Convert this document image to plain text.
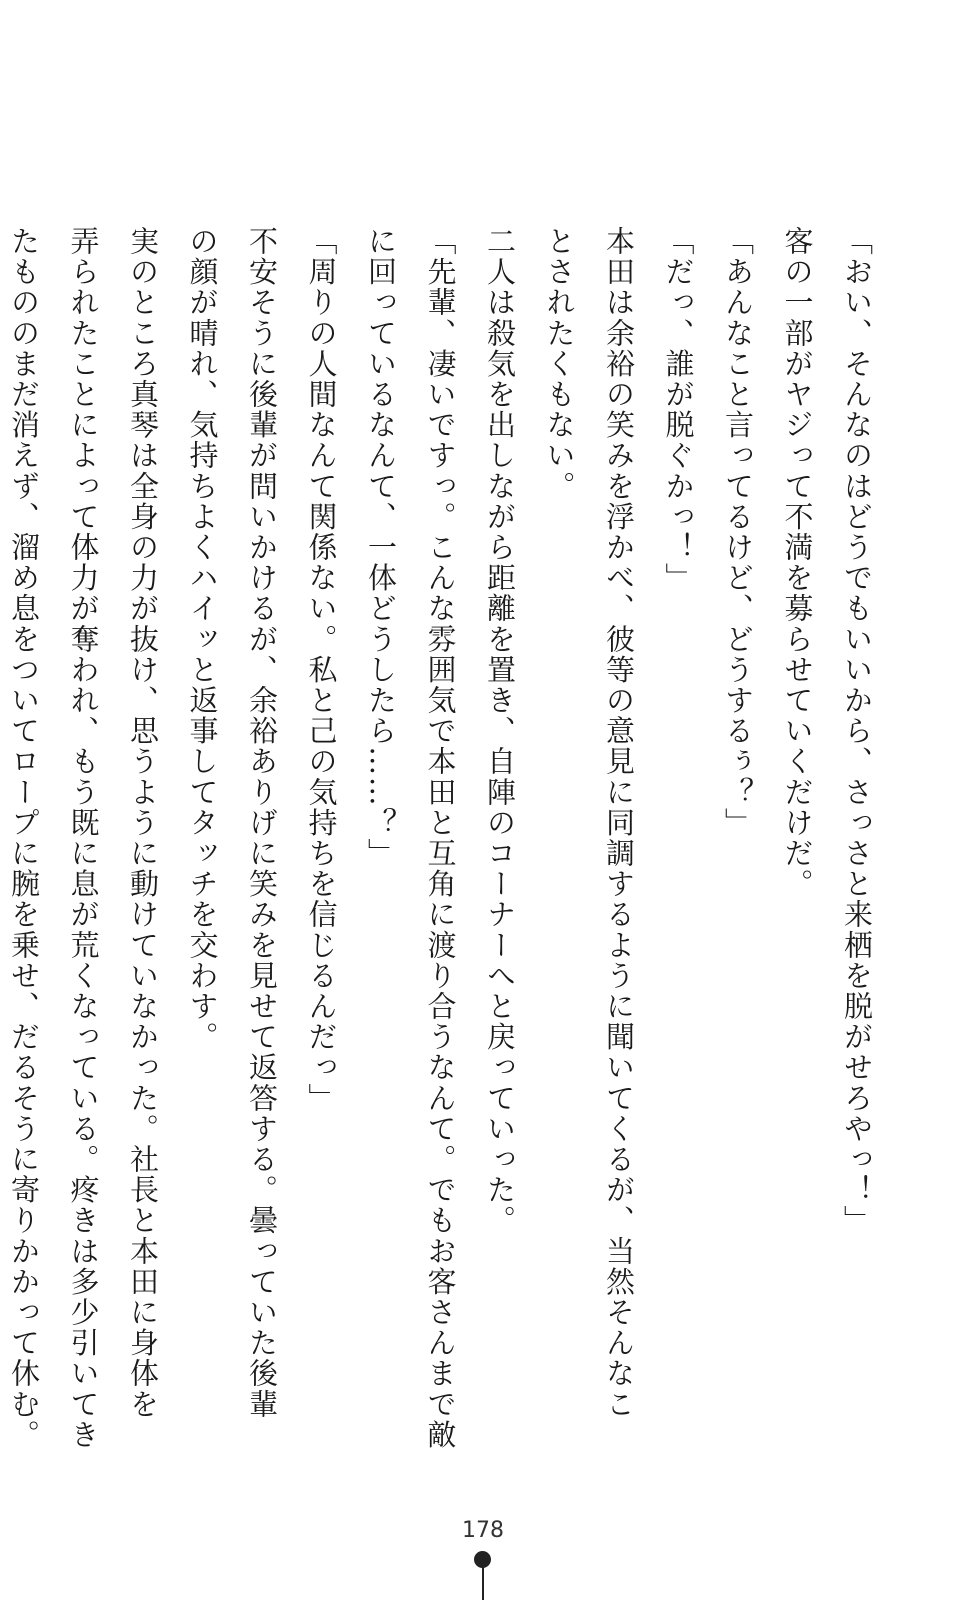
「おい、そんなのはどうでもいいから、さっさと来栖を脱がせろやっ！」
客の一部がヤジって不満を募らせていくだけだ。
「あんなこと言ってるけど、どうするぅ？」
「だっ、誰が脱ぐかっ！」
本田は余裕の笑みを浮かべ、彼等の意見に同調するように聞いてくるが、当然そんなこ
とされたくもない。
二人は殺気を出しながら距離を置き、自陣のコーナーへと戻っていった。
「先輩、凄いですっ。こんな雰囲気で本田と互角に渡り合うなんて。でもお客さんまで敵
に回っているなんて、一体どうしたら……？」
「周りの人間なんて関係ない。私と己の気持ちを信じるんだっ」
不安そうに後輩が問いかけるが、余裕ありげに笑みを見せて返答する。曇っていた後輩
の顔が晴れ、気持ちよくハイッと返事してタッチを交わす。
実のところ真琴は全身の力が抜け、思うように動けていなかった。社長と本田に身体を
弄られたことによって体力が奪われ、もう既に息が荒くなっている。疼きは多少引いてき
たもののまだ消えず、溜め息をついてロープに腕を乗せ、だるそうに寄りかかって休む。
178
